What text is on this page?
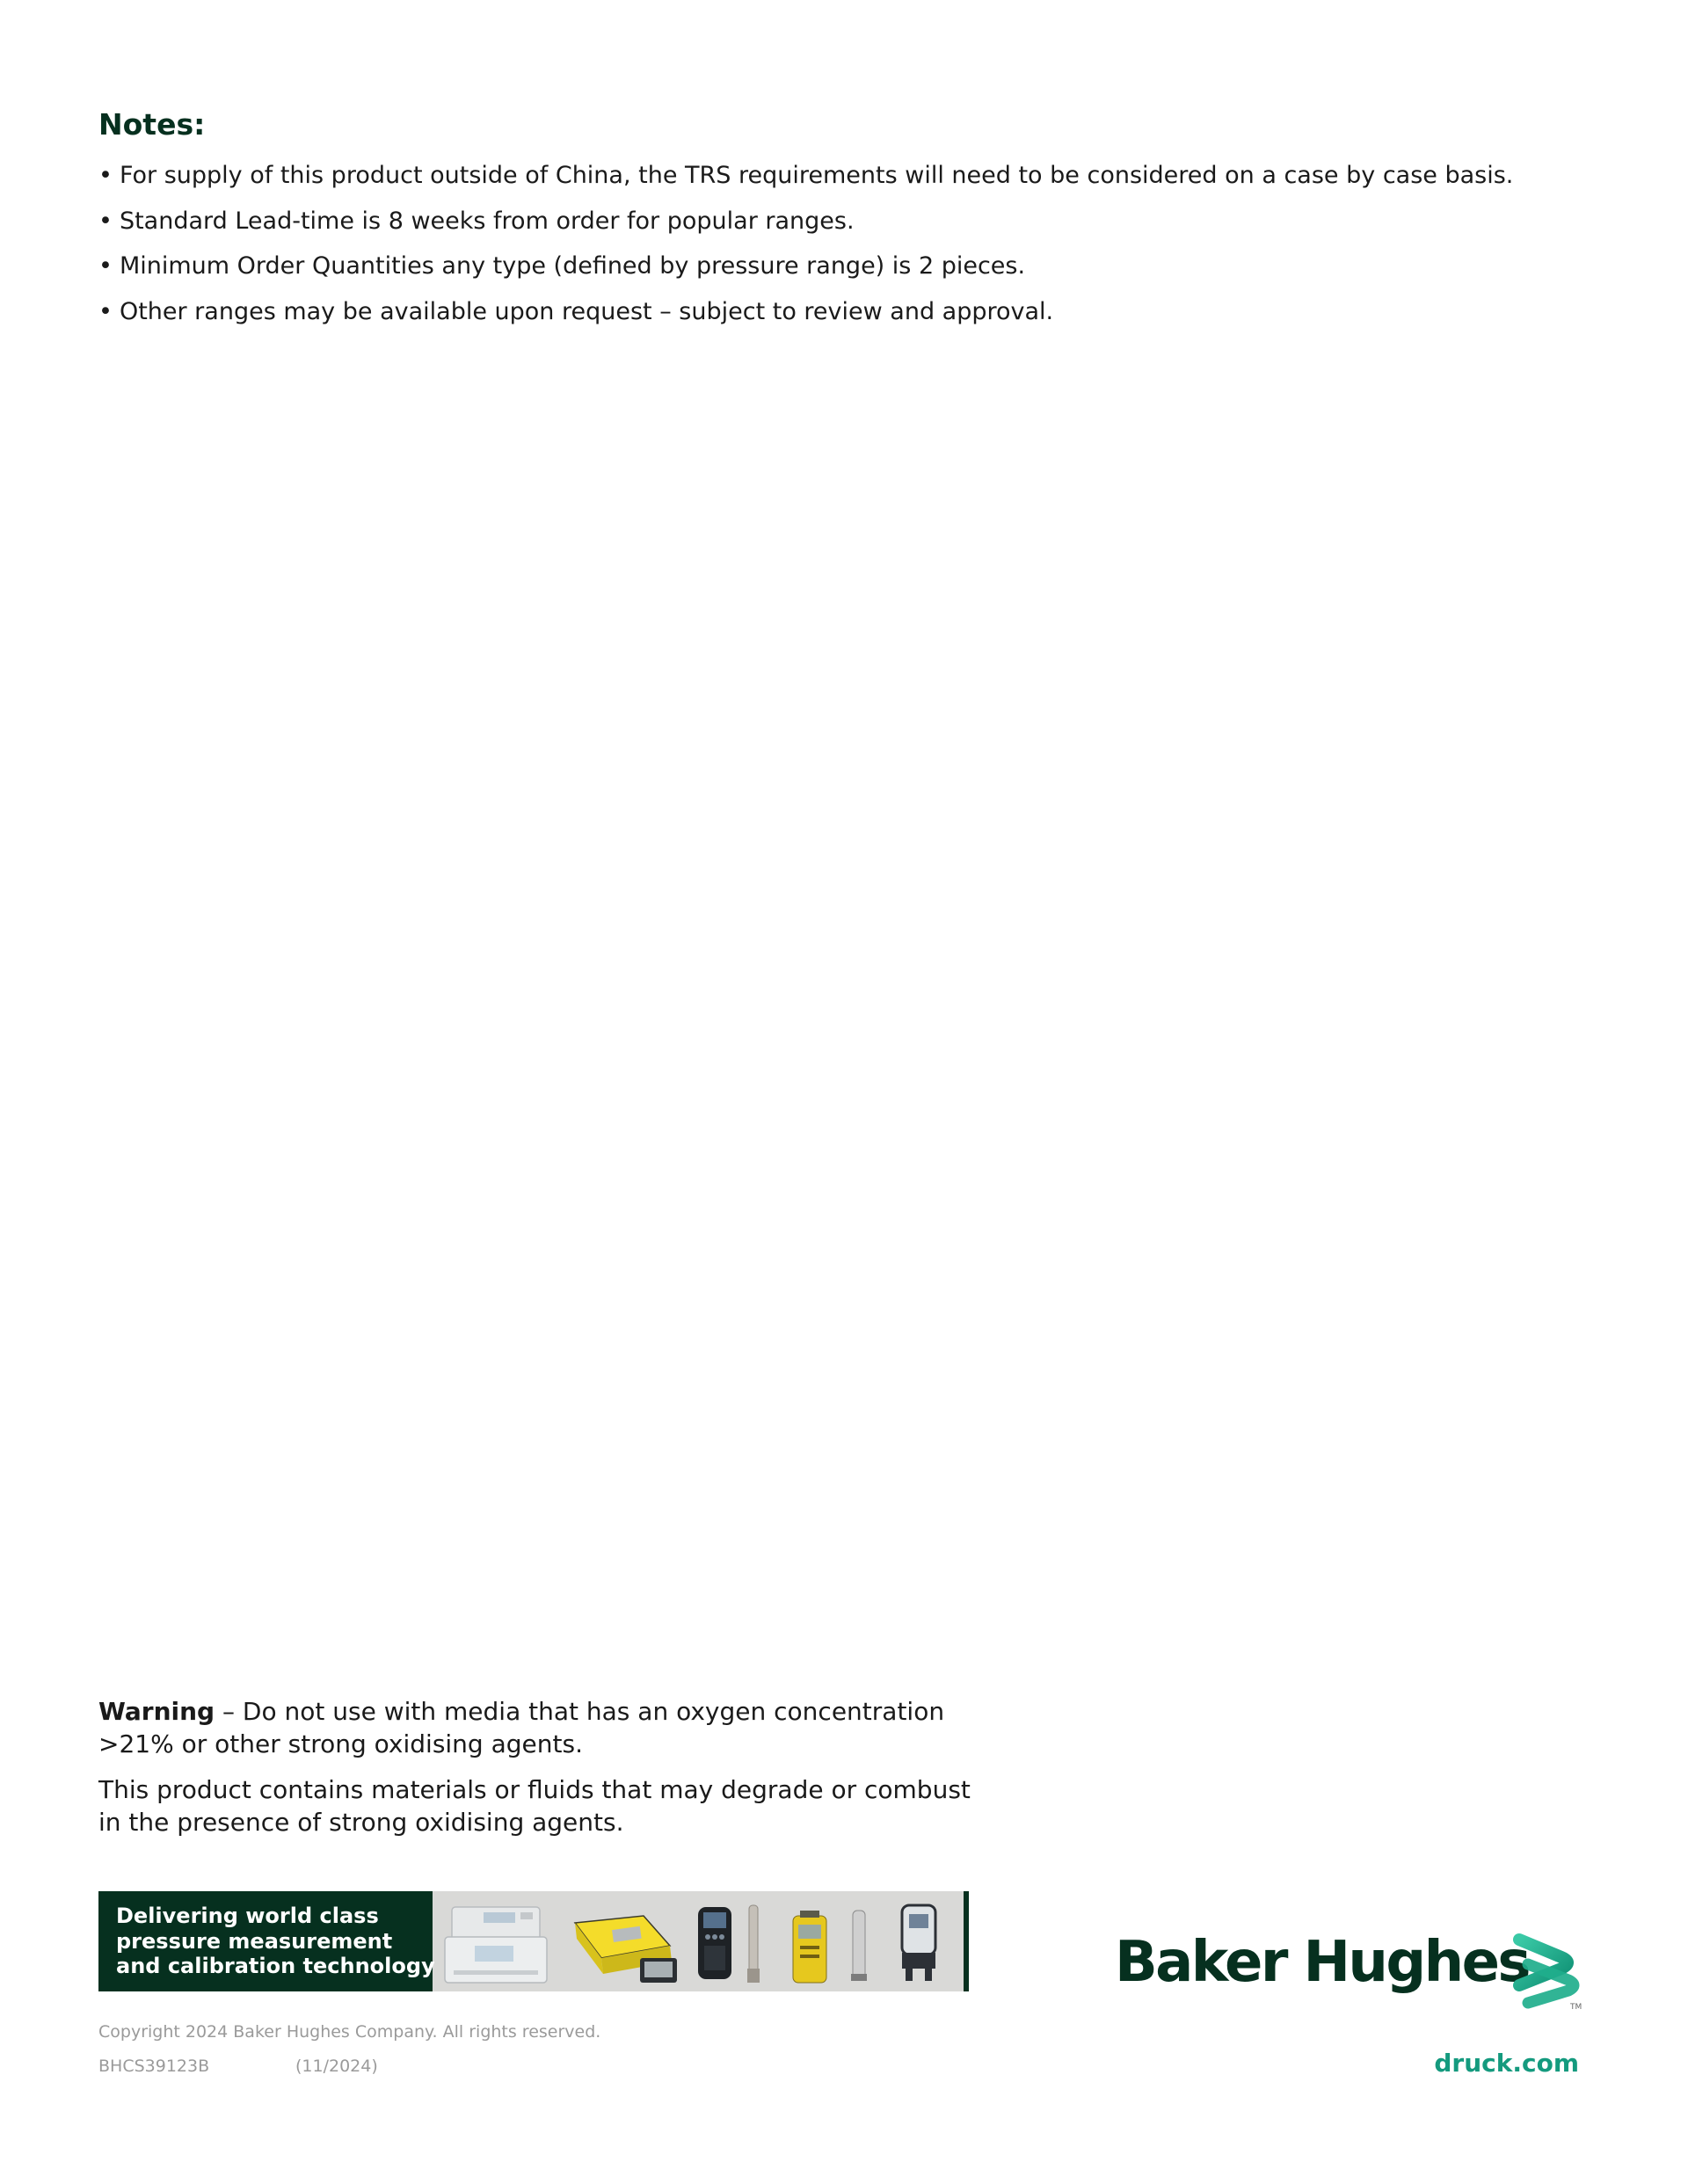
Notes:
• For supply of this product outside of China, the TRS requirements will need to be considered on a case by case basis.
• Standard Lead-time is 8 weeks from order for popular ranges.
• Minimum Order Quantities any type (defined by pressure range) is 2 pieces.
• Other ranges may be available upon request – subject to review and approval.

Warning – Do not use with media that has an oxygen concentration >21% or other strong oxidising agents.

This product contains materials or fluids that may degrade or combust in the presence of strong oxidising agents.

Delivering world class
pressure measurement
and calibration technology	Baker Hughes
TM
Copyright 2024 Baker Hughes Company. All rights reserved.
BHCS39123B	(11/2024)	druck.com
